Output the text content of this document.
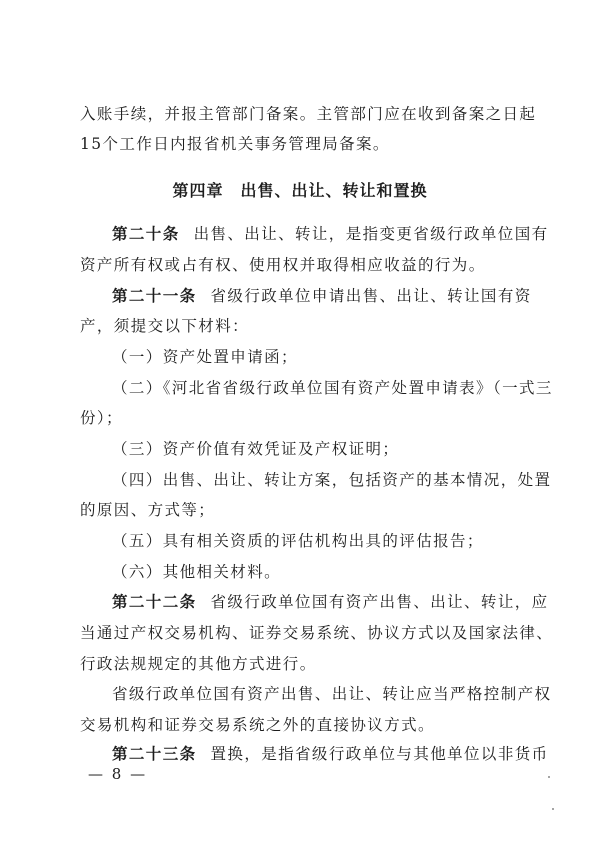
入账手续，并报主管部门备案。主管部门应在收到备案之日起
15个工作日内报省机关事务管理局备案。
第四章　出售、出让、转让和置换
第二十条 出售、出让、转让，是指变更省级行政单位国有
资产所有权或占有权、使用权并取得相应收益的行为。
第二十一条 省级行政单位申请出售、出让、转让国有资
产，须提交以下材料：
（一）资产处置申请函；
（二）《河北省省级行政单位国有资产处置申请表》（一式三
份）；
（三）资产价值有效凭证及产权证明；
（四）出售、出让、转让方案，包括资产的基本情况，处置
的原因、方式等；
（五）具有相关资质的评估机构出具的评估报告；
（六）其他相关材料。
第二十二条 省级行政单位国有资产出售、出让、转让，应
当通过产权交易机构、证券交易系统、协议方式以及国家法律、
行政法规规定的其他方式进行。
省级行政单位国有资产出售、出让、转让应当严格控制产权
交易机构和证券交易系统之外的直接协议方式。
第二十三条 置换，是指省级行政单位与其他单位以非货币
— 8 —
